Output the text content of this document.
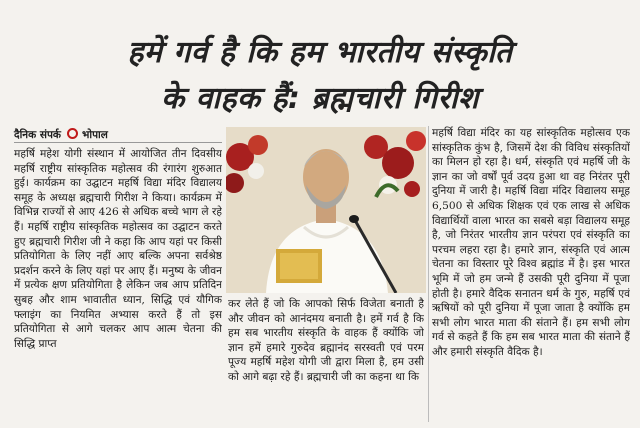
हमें गर्व है कि हम भारतीय संस्कृति
के वाहक हैं: ब्रह्मचारी गिरीश
दैनिक संपर्क भोपाल
महर्षि महेश योगी संस्थान में आयोजित तीन दिवसीय महर्षि राष्ट्रीय सांस्कृतिक महोत्सव की रंगारंग शुरुआत हुई। कार्यक्रम का उद्घाटन महर्षि विद्या मंदिर विद्यालय समूह के अध्यक्ष ब्रह्मचारी गिरीश ने किया। कार्यक्रम में विभिन्न राज्यों से आए 426 से अधिक बच्चे भाग ले रहे हैं। महर्षि राष्ट्रीय सांस्कृतिक महोत्सव का उद्घाटन करते हुए ब्रह्मचारी गिरीश जी ने कहा कि आप यहां पर किसी प्रतियोगिता के लिए नहीं आए बल्कि अपना सर्वश्रेष्ठ प्रदर्शन करने के लिए यहां पर आए हैं। मनुष्य के जीवन में प्रत्येक क्षण प्रतियोगिता है लेकिन जब आप प्रतिदिन सुबह और शाम भावातीत ध्यान, सिद्धि एवं यौगिक फ्लाइंग का नियमित अभ्यास करते हैं तो इस प्रतियोगिता से आगे चलकर आप आत्म चेतना की सिद्धि प्राप्त
कर लेते हैं जो कि आपको सिर्फ विजेता बनाती है और जीवन को आनंदमय बनाती है। हमें गर्व है कि हम सब भारतीय संस्कृति के वाहक हैं क्योंकि जो ज्ञान हमें हमारे गुरुदेव ब्रह्मानंद सरस्वती एवं परम पूज्य महर्षि महेश योगी जी द्वारा मिला है, हम उसी को आगे बढ़ा रहे हैं। ब्रह्मचारी जी का कहना था कि
महर्षि विद्या मंदिर का यह सांस्कृतिक महोत्सव एक सांस्कृतिक कुंभ है, जिसमें देश की विविध संस्कृतियों का मिलन हो रहा है। धर्म, संस्कृति एवं महर्षि जी के ज्ञान का जो वर्षों पूर्व उदय हुआ था वह निरंतर पूरी दुनिया में जारी है। महर्षि विद्या मंदिर विद्यालय समूह 6,500 से अधिक शिक्षक एवं एक लाख से अधिक विद्यार्थियों वाला भारत का सबसे बड़ा विद्यालय समूह है, जो निरंतर भारतीय ज्ञान परंपरा एवं संस्कृति का परचम लहरा रहा है। हमारे ज्ञान, संस्कृति एवं आत्म चेतना का विस्तार पूरे विश्व ब्रह्मांड में है। इस भारत भूमि में जो हम जन्मे हैं उसकी पूरी दुनिया में पूजा होती है। हमारे वैदिक सनातन धर्म के गुरु, महर्षि एवं ऋषियों को पूरी दुनिया में पूजा जाता है क्योंकि हम सभी लोग भारत माता की संताने हैं। हम सभी लोग गर्व से कहते हैं कि हम सब भारत माता की संताने हैं और हमारी संस्कृति वैदिक है।
